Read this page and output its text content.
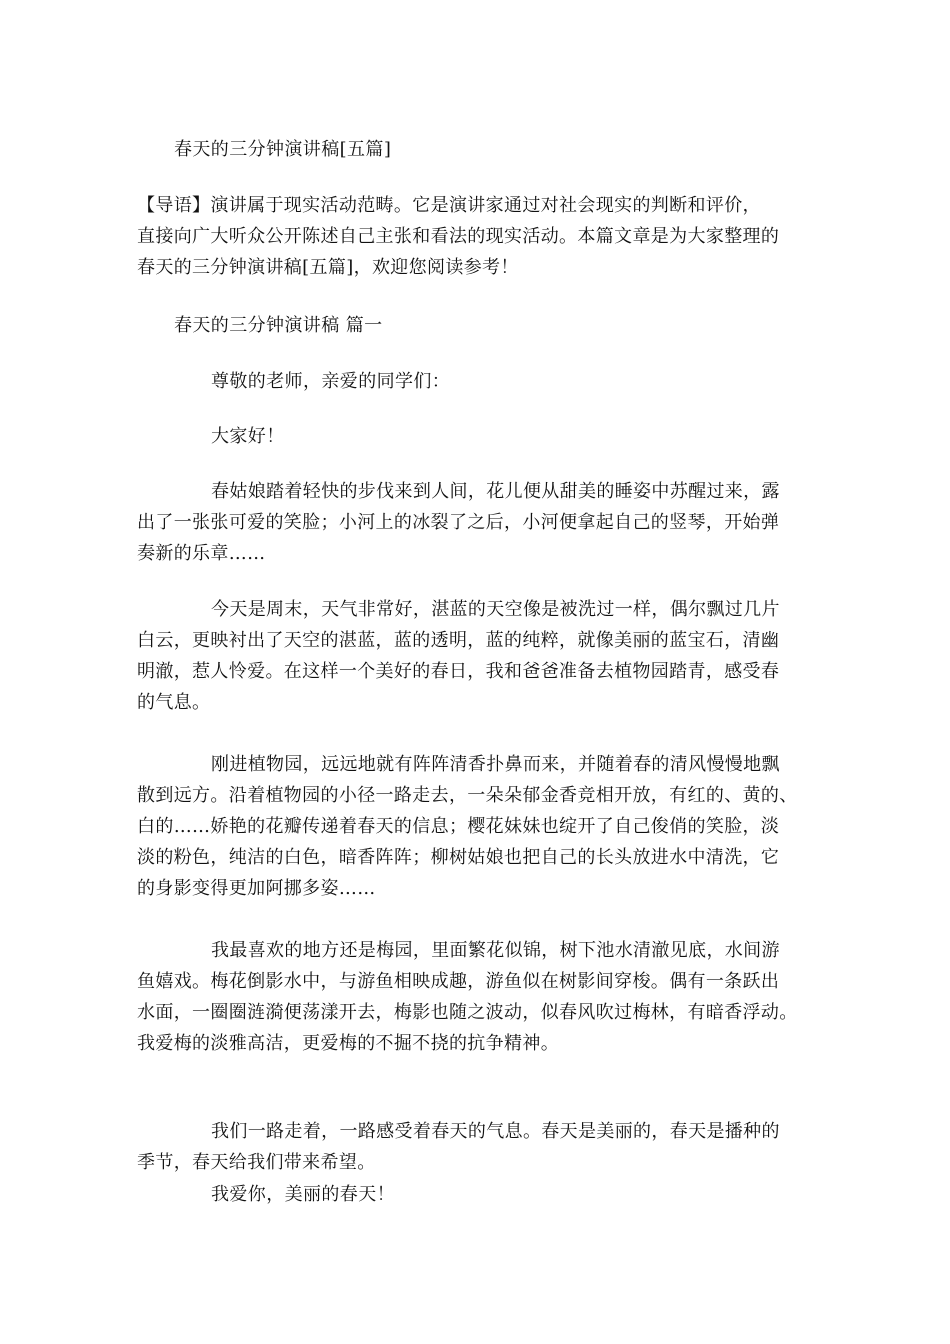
春天的三分钟演讲稿[五篇]
【导语】演讲属于现实活动范畴。它是演讲家通过对社会现实的判断和评价，
直接向广大听众公开陈述自己主张和看法的现实活动。本篇文章是为大家整理的
春天的三分钟演讲稿[五篇]，欢迎您阅读参考！
春天的三分钟演讲稿 篇一
尊敬的老师，亲爱的同学们：
大家好！
春姑娘踏着轻快的步伐来到人间，花儿便从甜美的睡姿中苏醒过来，露
出了一张张可爱的笑脸；小河上的冰裂了之后，小河便拿起自己的竖琴，开始弹
奏新的乐章……
今天是周末，天气非常好，湛蓝的天空像是被洗过一样，偶尔飘过几片
白云，更映衬出了天空的湛蓝，蓝的透明，蓝的纯粹，就像美丽的蓝宝石，清幽
明澈，惹人怜爱。在这样一个美好的春日，我和爸爸准备去植物园踏青，感受春
的气息。
刚进植物园，远远地就有阵阵清香扑鼻而来，并随着春的清风慢慢地飘
散到远方。沿着植物园的小径一路走去，一朵朵郁金香竞相开放，有红的、黄的、
白的……娇艳的花瓣传递着春天的信息；樱花妹妹也绽开了自己俊俏的笑脸，淡
淡的粉色，纯洁的白色，暗香阵阵；柳树姑娘也把自己的长头放进水中清洗，它
的身影变得更加阿挪多姿……
我最喜欢的地方还是梅园，里面繁花似锦，树下池水清澈见底，水间游
鱼嬉戏。梅花倒影水中，与游鱼相映成趣，游鱼似在树影间穿梭。偶有一条跃出
水面，一圈圈涟漪便荡漾开去，梅影也随之波动，似春风吹过梅林，有暗香浮动。
我爱梅的淡雅高洁，更爱梅的不掘不挠的抗争精神。
我们一路走着，一路感受着春天的气息。春天是美丽的，春天是播种的
季节，春天给我们带来希望。
我爱你，美丽的春天！
